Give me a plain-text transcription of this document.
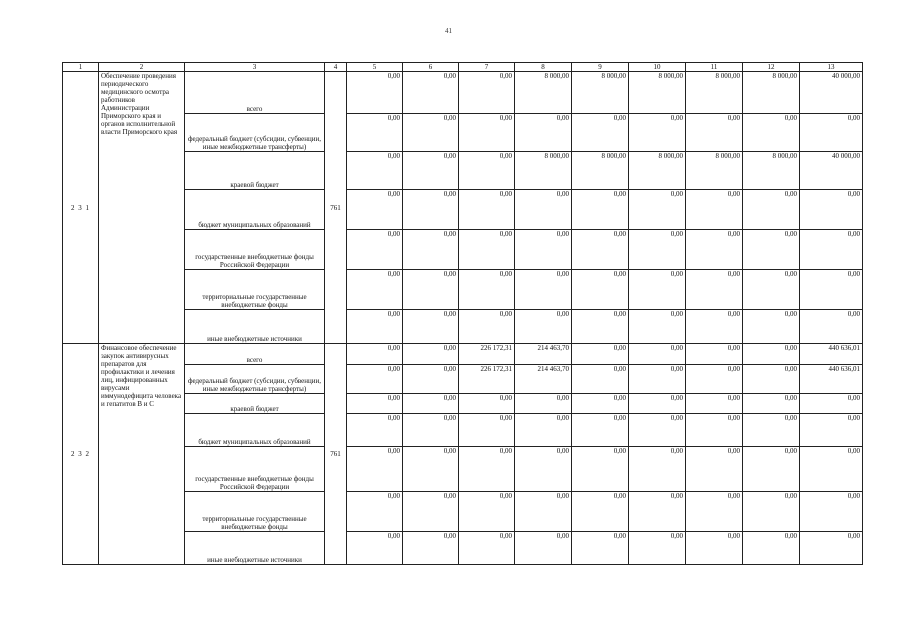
41
1	2	3	4	5	6	7	8	9	10	11	12	13
2 3 1	Обеспечение проведения периодического медицинского осмотра работников Администрации Приморского края и органов исполнительной власти Приморского края	всего	761	0,00	0,00	0,00	8 000,00	8 000,00	8 000,00	8 000,00	8 000,00	40 000,00
		федеральный бюджет (субсидии, субвенции, иные межбюджетные трансферты)		0,00	0,00	0,00	0,00	0,00	0,00	0,00	0,00	0,00
		краевой бюджет		0,00	0,00	0,00	8 000,00	8 000,00	8 000,00	8 000,00	8 000,00	40 000,00
		бюджет муниципальных образований		0,00	0,00	0,00	0,00	0,00	0,00	0,00	0,00	0,00
		государственные внебюджетные фонды Российской Федерации		0,00	0,00	0,00	0,00	0,00	0,00	0,00	0,00	0,00
		территориальные государственные внебюджетные фонды		0,00	0,00	0,00	0,00	0,00	0,00	0,00	0,00	0,00
		иные внебюджетные источники		0,00	0,00	0,00	0,00	0,00	0,00	0,00	0,00	0,00
2 3 2	Финансовое обеспечение закупок антивирусных препаратов для профилактики и лечения лиц, инфицированных вирусами иммунодефицита человека и гепатитов В и С	всего	761	0,00	0,00	226 172,31	214 463,70	0,00	0,00	0,00	0,00	440 636,01
		федеральный бюджет (субсидии, субвенции, иные межбюджетные трансферты)		0,00	0,00	226 172,31	214 463,70	0,00	0,00	0,00	0,00	440 636,01
		краевой бюджет		0,00	0,00	0,00	0,00	0,00	0,00	0,00	0,00	0,00
		бюджет муниципальных образований		0,00	0,00	0,00	0,00	0,00	0,00	0,00	0,00	0,00
		государственные внебюджетные фонды Российской Федерации		0,00	0,00	0,00	0,00	0,00	0,00	0,00	0,00	0,00
		территориальные государственные внебюджетные фонды		0,00	0,00	0,00	0,00	0,00	0,00	0,00	0,00	0,00
		иные внебюджетные источники		0,00	0,00	0,00	0,00	0,00	0,00	0,00	0,00	0,00
